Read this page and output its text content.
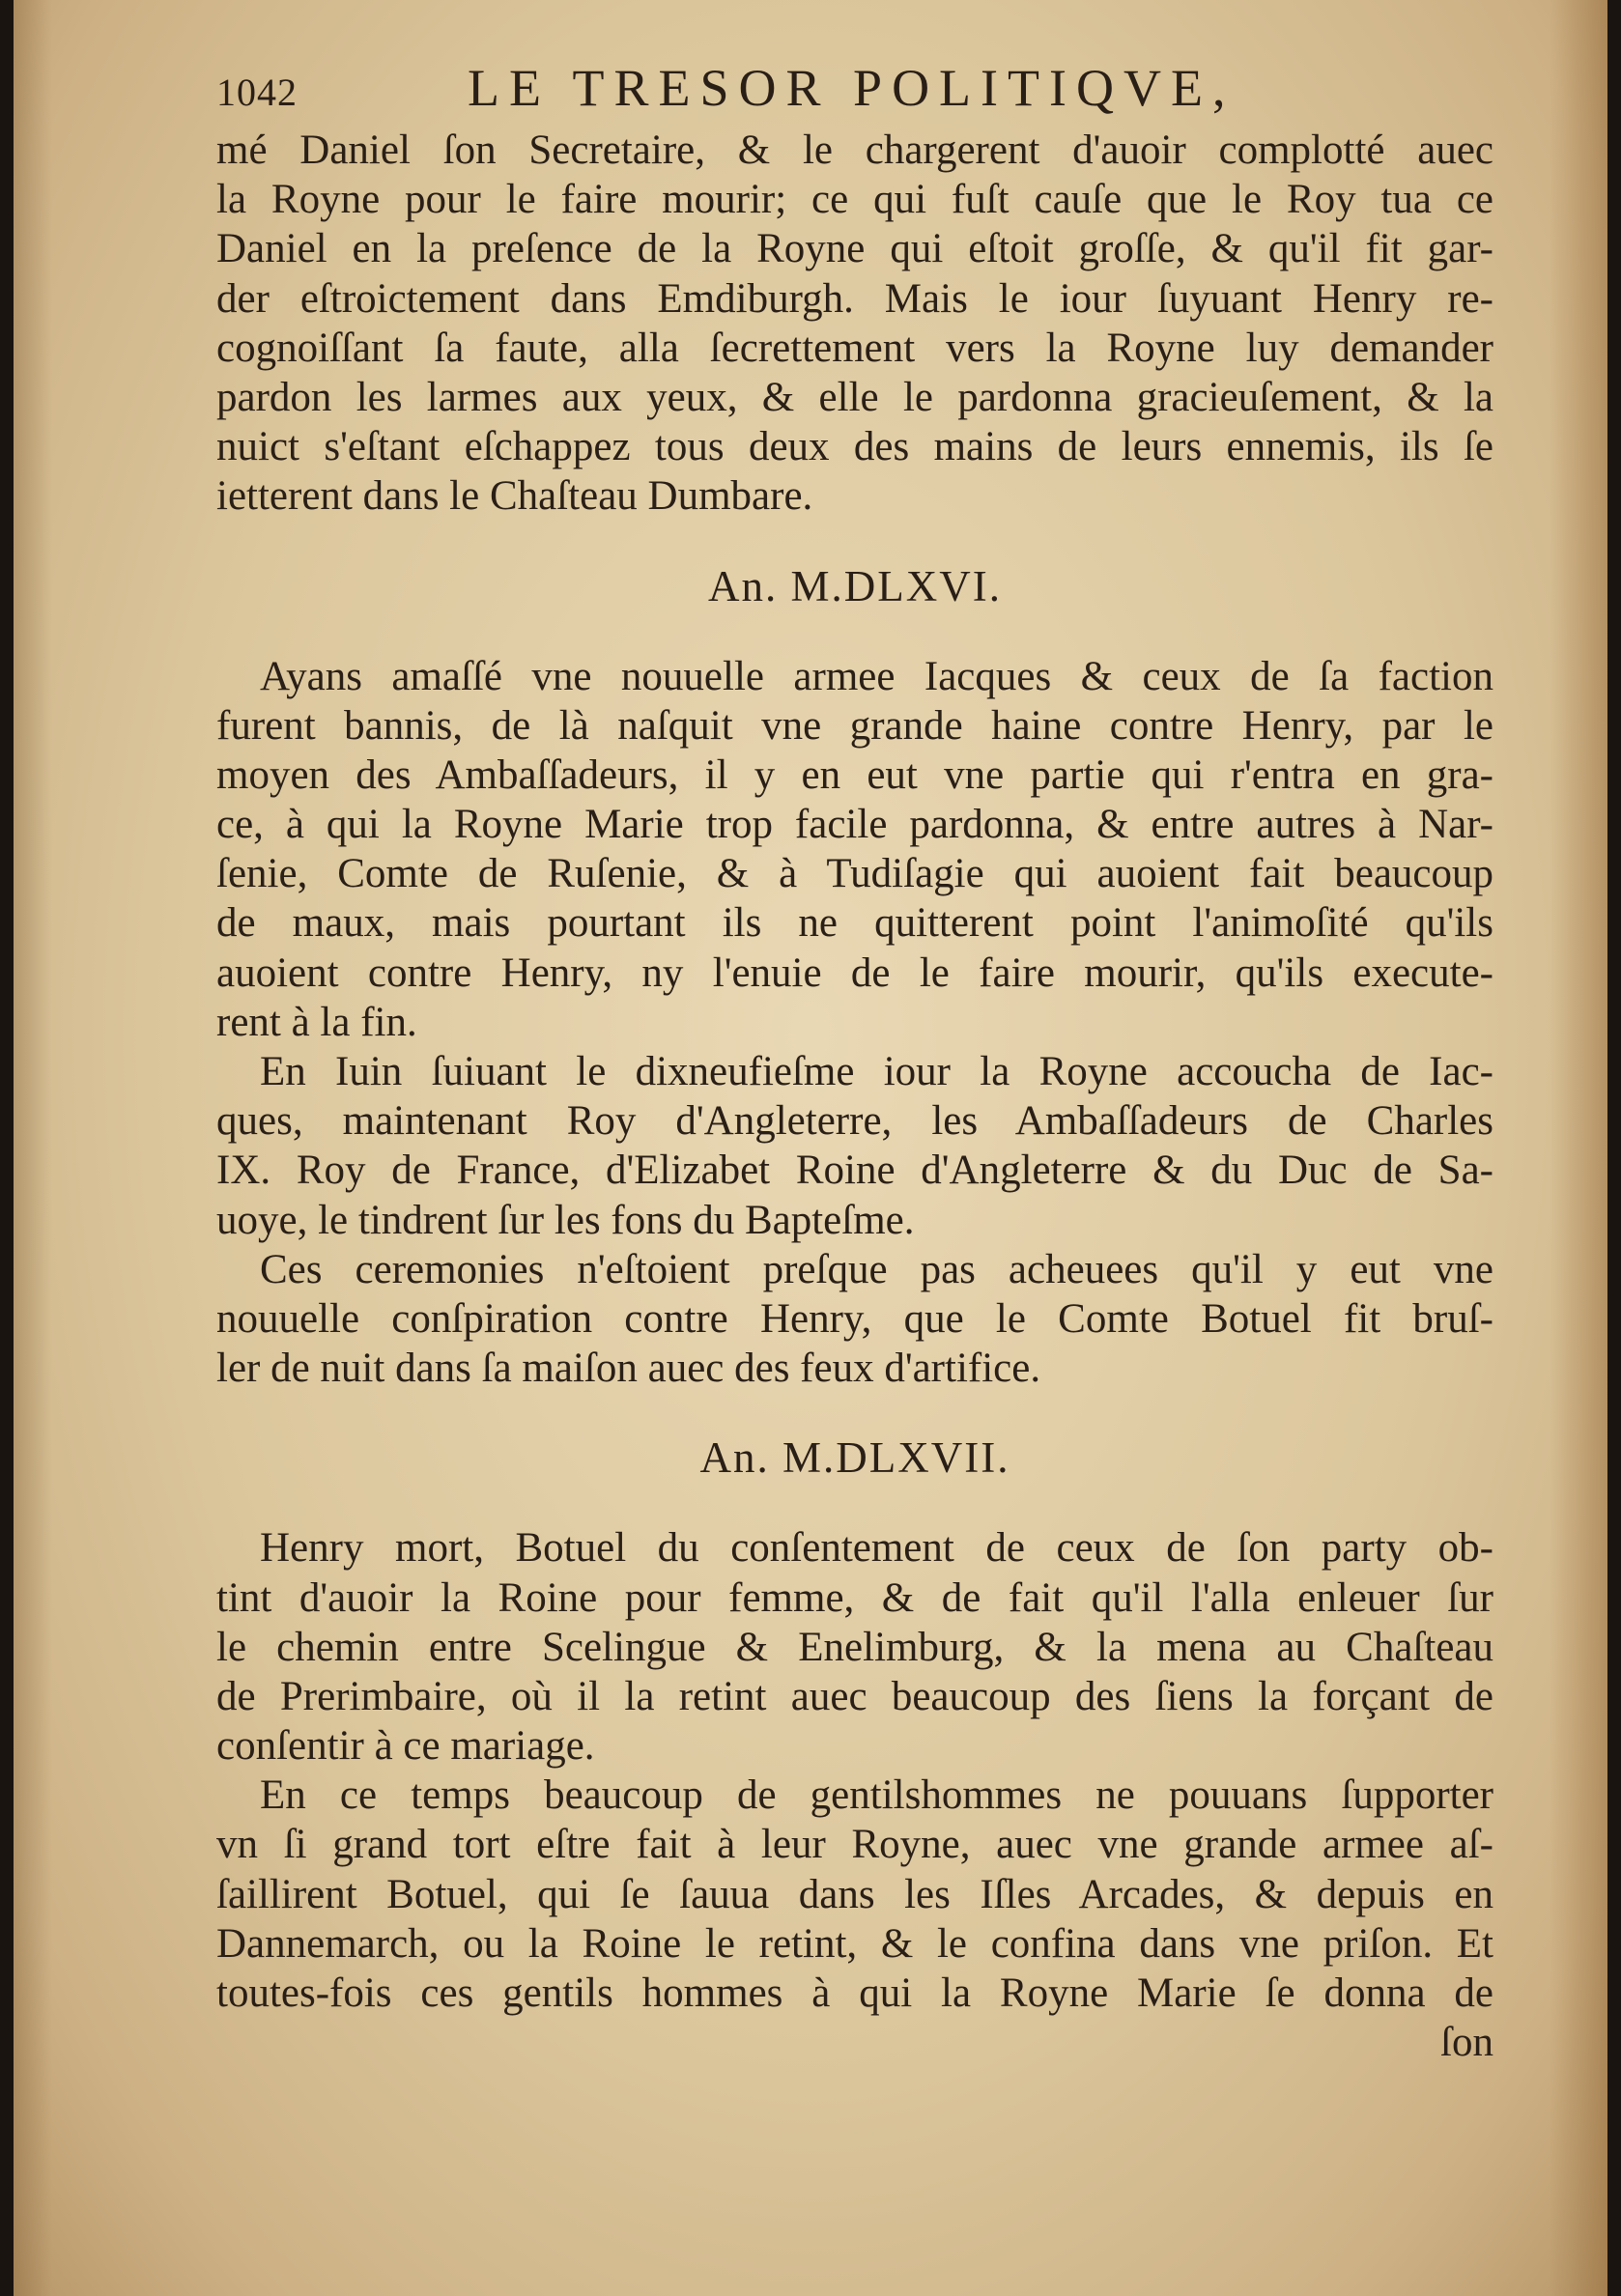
1042	LE TRESOR POLITIQVE,
mé Daniel ſon Secretaire, & le chargerent d'auoir complotté auec
la Royne pour le faire mourir; ce qui fuſt cauſe que le Roy tua ce
Daniel en la preſence de la Royne qui eſtoit groſſe, & qu'il fit gar-
der eſtroictement dans Emdiburgh. Mais le iour ſuyuant Henry re-
cognoiſſant ſa faute, alla ſecrettement vers la Royne luy demander
pardon les larmes aux yeux, & elle le pardonna gracieuſement, & la
nuict s'eſtant eſchappez tous deux des mains de leurs ennemis, ils ſe
ietterent dans le Chaſteau Dumbare.
An. M.DLXVI.
Ayans amaſſé vne nouuelle armee Iacques & ceux de ſa faction
furent bannis, de là naſquit vne grande haine contre Henry, par le
moyen des Ambaſſadeurs, il y en eut vne partie qui r'entra en gra-
ce, à qui la Royne Marie trop facile pardonna, & entre autres à Nar-
ſenie, Comte de Ruſenie, & à Tudiſagie qui auoient fait beaucoup
de maux, mais pourtant ils ne quitterent point l'animoſité qu'ils
auoient contre Henry, ny l'enuie de le faire mourir, qu'ils execute-
rent à la fin.
En Iuin ſuiuant le dixneufieſme iour la Royne accoucha de Iac-
ques, maintenant Roy d'Angleterre, les Ambaſſadeurs de Charles
IX. Roy de France, d'Elizabet Roine d'Angleterre & du Duc de Sa-
uoye, le tindrent ſur les fons du Bapteſme.
Ces ceremonies n'eſtoient preſque pas acheuees qu'il y eut vne
nouuelle conſpiration contre Henry, que le Comte Botuel fit bruſ-
ler de nuit dans ſa maiſon auec des feux d'artifice.
An. M.DLXVII.
Henry mort, Botuel du conſentement de ceux de ſon party ob-
tint d'auoir la Roine pour femme, & de fait qu'il l'alla enleuer ſur
le chemin entre Scelingue & Enelimburg, & la mena au Chaſteau
de Prerimbaire, où il la retint auec beaucoup des ſiens la forçant de
conſentir à ce mariage.
En ce temps beaucoup de gentilshommes ne pouuans ſupporter
vn ſi grand tort eſtre fait à leur Royne, auec vne grande armee aſ-
ſaillirent Botuel, qui ſe ſauua dans les Iſles Arcades, & depuis en
Dannemarch, ou la Roine le retint, & le confina dans vne priſon. Et
toutes-fois ces gentils hommes à qui la Royne Marie ſe donna de
ſon
